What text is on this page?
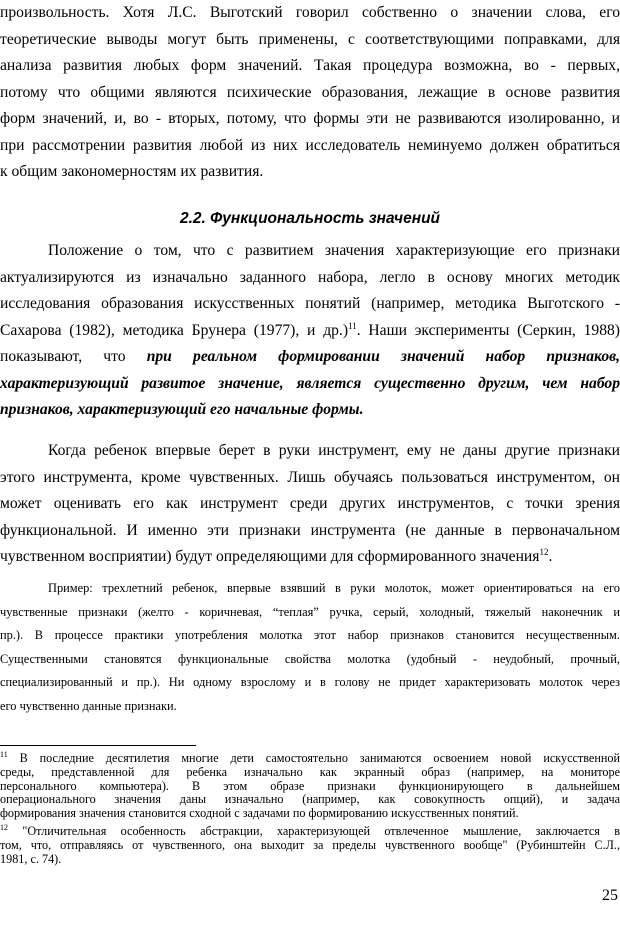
произвольность. Хотя Л.С. Выготский говорил собственно о значении слова, его
теоретические выводы могут быть применены, с соответствующими поправками, для
анализа развития любых форм значений. Такая процедура возможна, во - первых,
потому что общими являются психические образования, лежащие в основе развития
форм значений, и, во - вторых, потому, что формы эти не развиваются изолированно, и
при рассмотрении развития любой из них исследователь неминуемо должен обратиться
к общим закономерностям их развития.
2.2. Функциональность значений
Положение о том, что с развитием значения характеризующие его признаки
актуализируются из изначально заданного набора, легло в основу многих методик
исследования образования искусственных понятий (например, методика Выготского -
Сахарова (1982), методика Брунера (1977), и др.)$^{11}$. Наши эксперименты (Серкин, 1988)
показывают, что при реальном формировании значений набор признаков,
характеризующий развитое значение, является существенно другим, чем набор
признаков, характеризующий его начальные формы.
Когда ребенок впервые берет в руки инструмент, ему не даны другие признаки
этого инструмента, кроме чувственных. Лишь обучаясь пользоваться инструментом, он
может оценивать его как инструмент среди других инструментов, с точки зрения
функциональной. И именно эти признаки инструмента (не данные в первоначальном
чувственном восприятии) будут определяющими для сформированного значения$^{12}$.
Пример: трехлетний ребенок, впервые взявший в руки молоток, может ориентироваться на его
чувственные признаки (желто - коричневая, “теплая” ручка, серый, холодный, тяжелый наконечник и
пр.). В процессе практики употребления молотка этот набор признаков становится несущественным.
Существенными становятся функциональные свойства молотка (удобный - неудобный, прочный,
специализированный и пр.). Ни одному взрослому и в голову не придет характеризовать молоток через
его чувственно данные признаки.
$^{11}$ В последние десятилетия многие дети самостоятельно занимаются освоением новой искусственной
среды, представленной для ребенка изначально как экранный образ (например, на мониторе
персонального компьютера). В этом образе признаки функционирующего в дальнейшем
операционального значения даны изначально (например, как совокупность опций), и задача
формирования значения становится сходной с задачами по формированию искусственных понятий.
$^{12}$ "Отличительная особенность абстракции, характеризующей отвлеченное мышление, заключается в
том, что, отправляясь от чувственного, она выходит за пределы чувственного вообще" (Рубинштейн С.Л.,
1981, с. 74).
25
